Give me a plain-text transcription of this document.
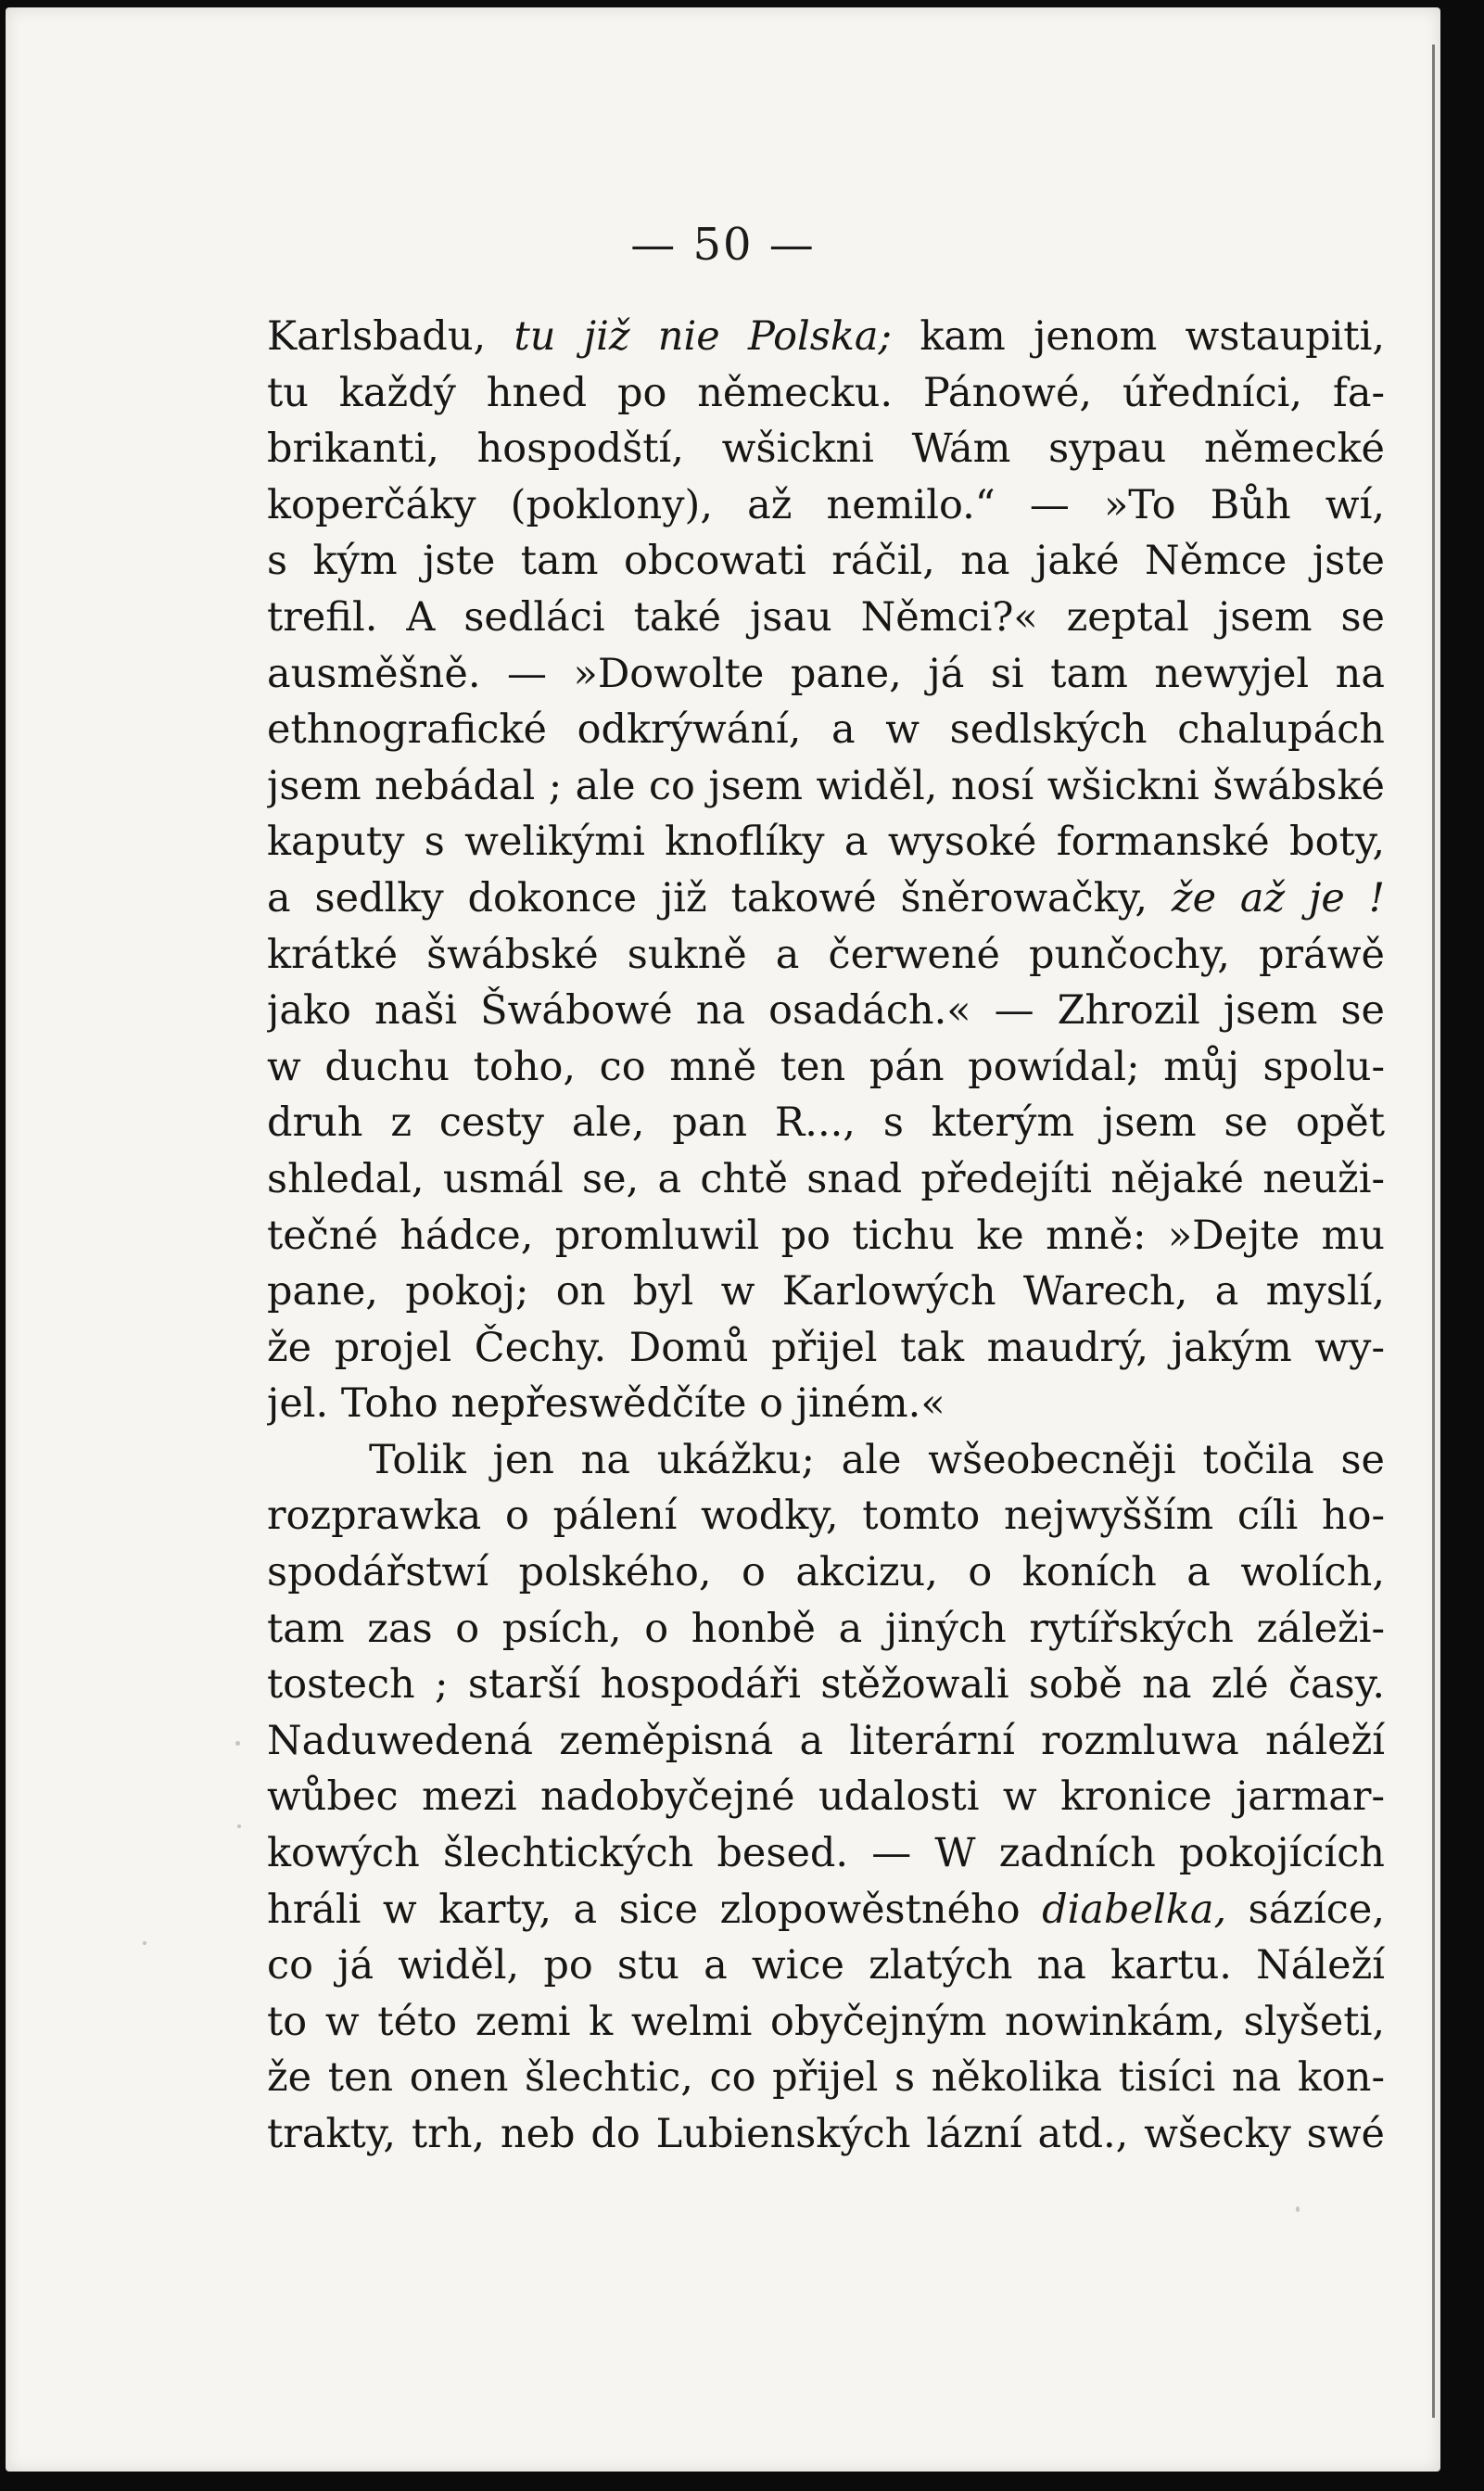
— 50 —
Karlsbadu, tu již nie Polska; kam jenom wstaupiti,
tu každý hned po německu. Pánowé, úředníci, fa-
brikanti, hospodští, wšickni Wám sypau německé
koperčáky (poklony), až nemilo.“ — »To Bůh wí,
s kým jste tam obcowati ráčil, na jaké Němce jste
trefil. A sedláci také jsau Němci?« zeptal jsem se
ausměšně. — »Dowolte pane, já si tam newyjel na
ethnografické odkrýwání, a w sedlských chalupách
jsem nebádal ; ale co jsem widěl, nosí wšickni šwábské
kaputy s welikými knoflíky a wysoké formanské boty,
a sedlky dokonce již takowé šněrowačky, že až je !
krátké šwábské sukně a čerwené punčochy, práwě
jako naši Šwábowé na osadách.« — Zhrozil jsem se
w duchu toho, co mně ten pán powídal; můj spolu-
druh z cesty ale, pan R..., s kterým jsem se opět
shledal, usmál se, a chtě snad předejíti nějaké neuži-
tečné hádce, promluwil po tichu ke mně: »Dejte mu
pane, pokoj; on byl w Karlowých Warech, a myslí,
že projel Čechy. Domů přijel tak maudrý, jakým wy-
jel. Toho nepřeswědčíte o jiném.«
Tolik jen na ukážku; ale wšeobecněji točila se
rozprawka o pálení wodky, tomto nejwyšším cíli ho-
spodářstwí polského, o akcizu, o koních a wolích,
tam zas o psích, o honbě a jiných rytířských záleži-
tostech ; starší hospodáři stěžowali sobě na zlé časy.
Naduwedená zeměpisná a literární rozmluwa náleží
wůbec mezi nadobyčejné udalosti w kronice jarmar-
kowých šlechtických besed. — W zadních pokojících
hráli w karty, a sice zlopowěstného diabelka, sázíce,
co já widěl, po stu a wice zlatých na kartu. Náleží
to w této zemi k welmi obyčejným nowinkám, slyšeti,
že ten onen šlechtic, co přijel s několika tisíci na kon-
trakty, trh, neb do Lubienských lázní atd., wšecky swé
